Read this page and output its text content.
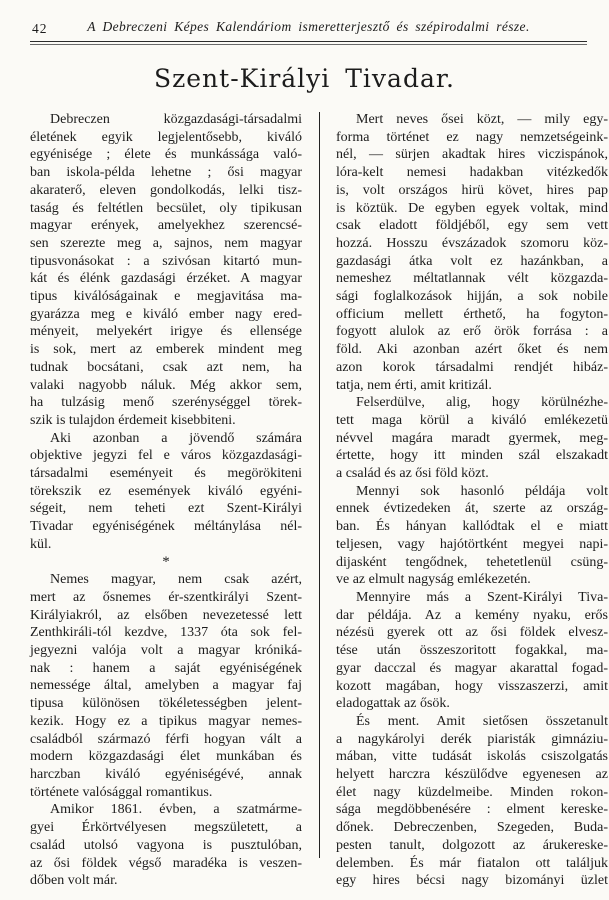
42	A Debreczeni Képes Kalendáriom ismeretterjesztő és szépirodalmi része.
Szent-Királyi Tivadar.
Debreczen közgazdasági-társadalmi
életének egyik legjelentősebb, kiváló
egyénisége ; élete és munkássága való-
ban iskola-példa lehetne ; ősi magyar
akaraterő, eleven gondolkodás, lelki tisz-
taság és feltétlen becsület, oly tipikusan
magyar erények, amelyekhez szerencsé-
sen szerezte meg a, sajnos, nem magyar
tipusvonásokat : a szivósan kitartó mun-
kát és élénk gazdasági érzéket. A magyar
tipus kiválóságainak e megjavitása ma-
gyarázza meg e kiváló ember nagy ered-
ményeit, melyekért irigye és ellensége
is sok, mert az emberek mindent meg
tudnak bocsátani, csak azt nem, ha
valaki nagyobb náluk. Még akkor sem,
ha tulzásig menő szerénységgel törek-
szik is tulajdon érdemeit kisebbiteni.
Aki azonban a jövendő számára
objektive jegyzi fel e város közgazdasági-
társadalmi eseményeit és megörökiteni
törekszik ez események kiváló egyéni-
ségeit, nem teheti ezt Szent-Királyi
Tivadar egyéniségének méltánylása nél-
kül.
*
Nemes magyar, nem csak azért,
mert az ősnemes ér-szentkirályi Szent-
Királyiakról, az elsőben nevezetessé lett
Zenthkiráli-tól kezdve, 1337 óta sok fel-
jegyezni valója volt a magyar króniká-
nak : hanem a saját egyéniségének
nemessége által, amelyben a magyar faj
tipusa különösen tökéletességben jelent-
kezik. Hogy ez a tipikus magyar nemes-
családból származó férfi hogyan vált a
modern közgazdasági élet munkában és
harczban kiváló egyéniségévé, annak
története valósággal romantikus.
Amikor 1861. évben, a szatmárme-
gyei Érkörtvélyesen megszületett, a
család utolsó vagyona is pusztulóban,
az ősi földek végső maradéka is veszen-
dőben volt már.
Mert neves ősei közt, — mily egy-
forma történet ez nagy nemzetségeink-
nél, — sürjen akadtak hires viczispánok,
lóra-kelt nemesi hadakban vitézkedők
is, volt országos hirü követ, hires pap
is köztük. De egyben egyek voltak, mind
csak eladott földjéből, egy sem vett
hozzá. Hosszu évszázadok szomoru köz-
gazdasági átka volt ez hazánkban, a
nemeshez méltatlannak vélt közgazda-
sági foglalkozások hijján, a sok nobile
officium mellett érthető, ha fogyton-
fogyott alulok az erő örök forrása : a
föld. Aki azonban azért őket és nem
azon korok társadalmi rendjét hibáz-
tatja, nem érti, amit kritizál.
Felserdülve, alig, hogy körülnézhe-
tett maga körül a kiváló emlékezetü
névvel magára maradt gyermek, meg-
értette, hogy itt minden szál elszakadt
a család és az ősi föld közt.
Mennyi sok hasonló példája volt
ennek évtizedeken át, szerte az ország-
ban. És hányan kallódtak el e miatt
teljesen, vagy hajótörtként megyei napi-
dijasként tengődnek, tehetetlenül csüng-
ve az elmult nagyság emlékezetén.
Mennyire más a Szent-Királyi Tiva-
dar példája. Az a kemény nyaku, erős
nézésü gyerek ott az ősi földek elvesz-
tése után összeszoritott fogakkal, ma-
gyar dacczal és magyar akarattal fogad-
kozott magában, hogy visszaszerzi, amit
eladogattak az ősök.
És ment. Amit sietősen összetanult
a nagykárolyi derék piaristák gimnáziu-
mában, vitte tudását iskolás csiszolgatás
helyett harczra készülődve egyenesen az
élet nagy küzdelmeibe. Minden rokon-
sága megdöbbenésére : elment kereske-
dőnek. Debreczenben, Szegeden, Buda-
pesten tanult, dolgozott az árukereske-
delemben. És már fiatalon ott találjuk
egy hires bécsi nagy bizományi üzlet
